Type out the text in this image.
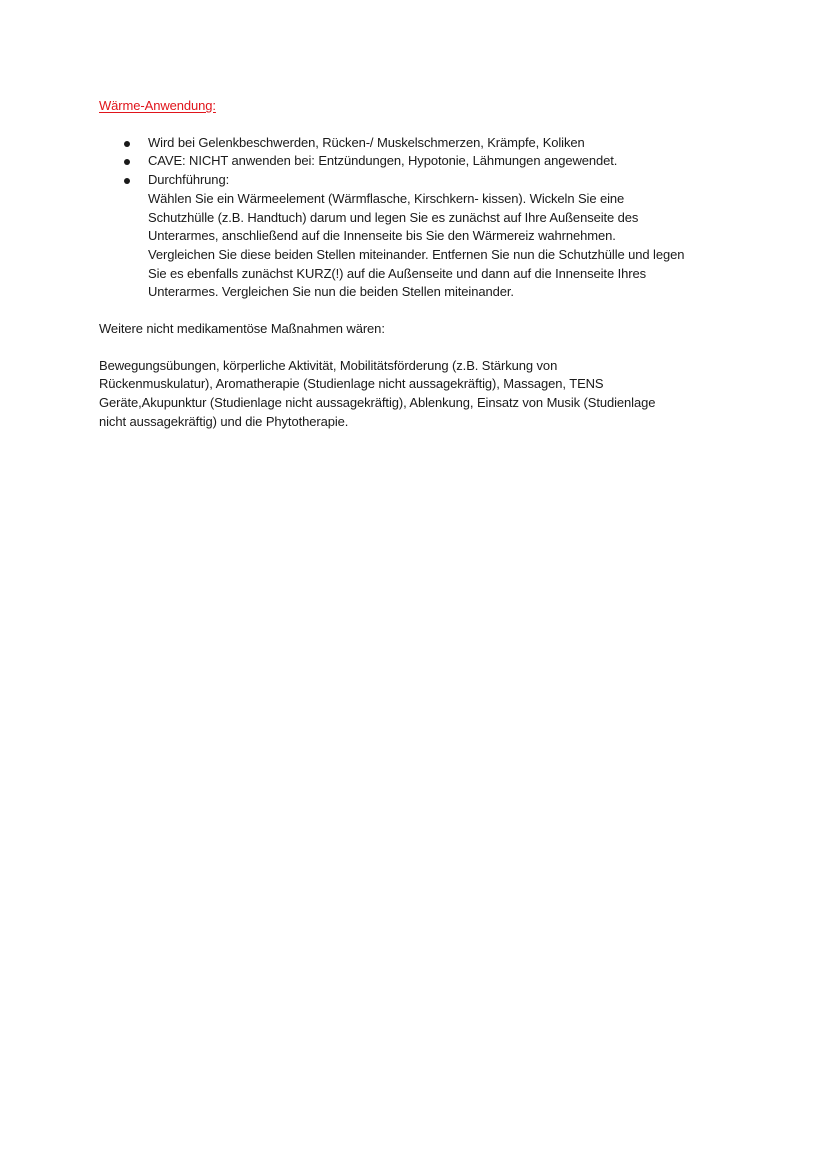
Wärme-Anwendung:
Wird bei Gelenkbeschwerden, Rücken-/ Muskelschmerzen, Krämpfe, Koliken
CAVE: NICHT anwenden bei: Entzündungen, Hypotonie, Lähmungen angewendet.
Durchführung:
Wählen Sie ein Wärmeelement (Wärmflasche, Kirschkern- kissen). Wickeln Sie eine
Schutzhülle (z.B. Handtuch) darum und legen Sie es zunächst auf Ihre Außenseite des
Unterarmes, anschließend auf die Innenseite bis Sie den Wärmereiz wahrnehmen.
Vergleichen Sie diese beiden Stellen miteinander. Entfernen Sie nun die Schutzhülle und legen
Sie es ebenfalls zunächst KURZ(!) auf die Außenseite und dann auf die Innenseite Ihres
Unterarmes. Vergleichen Sie nun die beiden Stellen miteinander.

Weitere nicht medikamentöse Maßnahmen wären:

Bewegungsübungen, körperliche Aktivität, Mobilitätsförderung (z.B. Stärkung von
Rückenmuskulatur), Aromatherapie (Studienlage nicht aussagekräftig), Massagen, TENS
Geräte,Akupunktur (Studienlage nicht aussagekräftig), Ablenkung, Einsatz von Musik (Studienlage
nicht aussagekräftig) und die Phytotherapie.
